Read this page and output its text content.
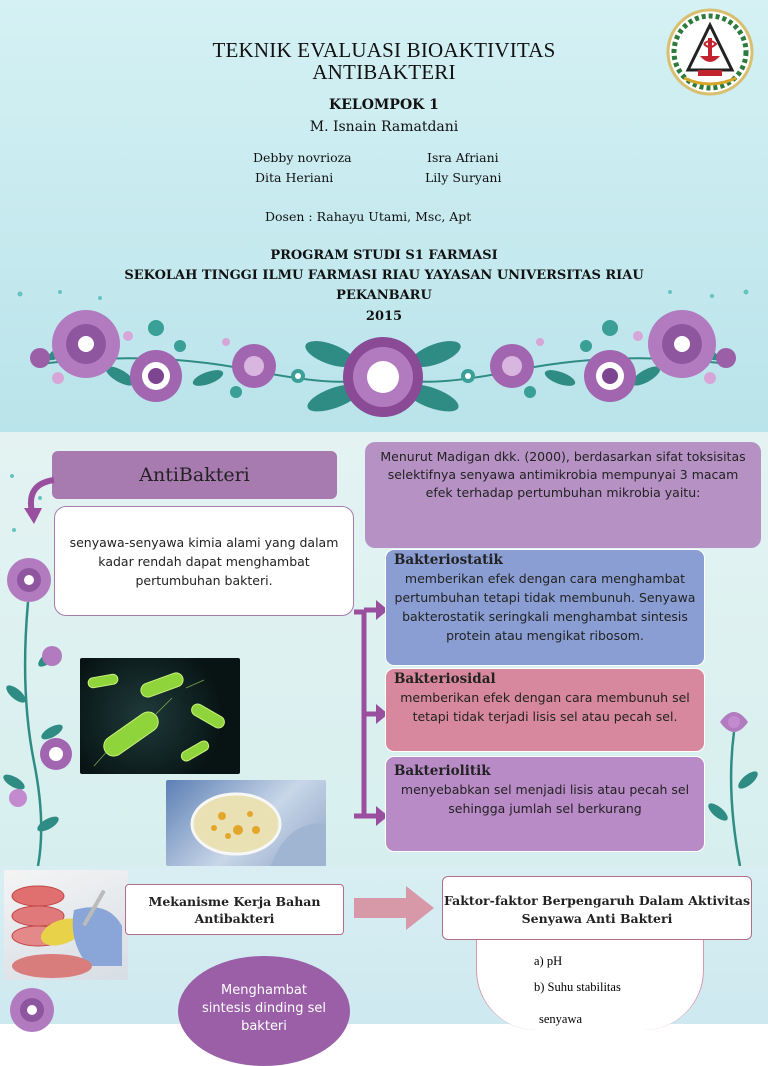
TEKNIK EVALUASI BIOAKTIVITAS
ANTIBAKTERI
KELOMPOK 1
M. Isnain Ramatdani
Debby novrioza	Isra Afriani
Dita Heriani	Lily Suryani
Dosen : Rahayu Utami, Msc, Apt
PROGRAM STUDI S1 FARMASI
SEKOLAH TINGGI ILMU FARMASI RIAU YAYASAN UNIVERSITAS RIAU
PEKANBARU
2015
AntiBakteri
senyawa-senyawa kimia alami yang dalam kadar rendah dapat menghambat pertumbuhan bakteri.
Menurut Madigan dkk. (2000), berdasarkan sifat toksisitas selektifnya senyawa antimikrobia mempunyai 3 macam efek terhadap pertumbuhan mikrobia yaitu:
Bakteriostatik
memberikan efek dengan cara menghambat pertumbuhan tetapi tidak membunuh. Senyawa bakterostatik seringkali menghambat sintesis protein atau mengikat ribosom.
Bakteriosidal
memberikan efek dengan cara membunuh sel tetapi tidak terjadi lisis sel atau pecah sel.
Bakteriolitik
menyebabkan sel menjadi lisis atau pecah sel sehingga jumlah sel berkurang
Mekanisme Kerja Bahan Antibakteri
Faktor-faktor Berpengaruh Dalam Aktivitas Senyawa Anti Bakteri
a) pH
b) Suhu stabilitas
senyawa
Menghambat sintesis dinding sel bakteri
